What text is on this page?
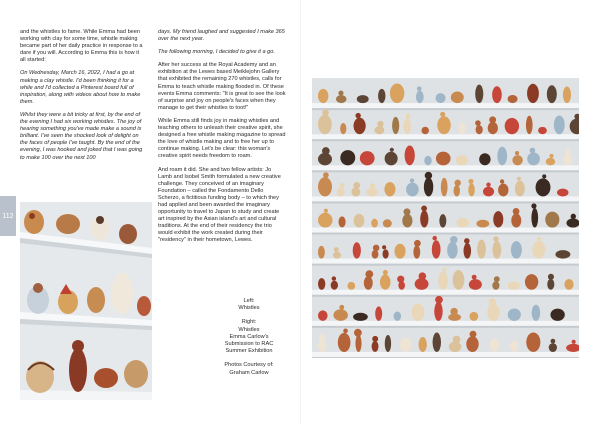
and the whistles to fame. While Emma had been working with clay for some time, whistle making became part of her daily practice in response to a dare if you will. According to Emma this is how it all started:

On Wednesday, March 16, 2022, I had a go at making a clay whistle. I'd been thinking it for a while and I'd collected a Pinterest board full of inspiration, along with videos about how to make them.

Whilst they were a bit tricky at first, by the end of the evening I had six working whistles. The joy of hearing something you've made make a sound is brilliant. I've seen the shocked look of delight on the faces of people I've taught. By the end of the evening, I was hooked and joked that I was going to make 100 over the next 100

days. My friend laughed and suggested I make 365 over the next year.

The following morning, I decided to give it a go.

After her success at the Royal Academy and an exhibition at the Lewes based Meiklejohn Gallery that exhibited the remaining 270 whistles, calls for Emma to teach whistle making flooded in. Of these events Emma comments: "It is great to see the look of surprise and joy on people's faces when they manage to get their whistles to toot!"

While Emma still finds joy in making whistles and teaching others to unleash their creative spirit, she designed a free whistle making magazine to spread the love of whistle making and to free her up to continue making. Let's be clear: this woman's creative spirit needs freedom to roam.

And roam it did. She and two fellow artists: Jo Lamb and Isobel Smith formulated a new creative challenge. They conceived of an imaginary Foundation – called the Fondamento Dello Scherzo, a fictitious funding body – to which they had applied and been awarded the imaginary opportunity to travel to Japan to study and create art inspired by the Asian island's art and cultural traditions. At the end of their residency the trio would exhibit the work created during their "residency" in their hometown, Lewes.

112

Left:
Whistles

Right:
Whistles
Emma Carlow's
Submission to RAC
Summer Exhibition

Photos Courtesy of:
Graham Carlow
